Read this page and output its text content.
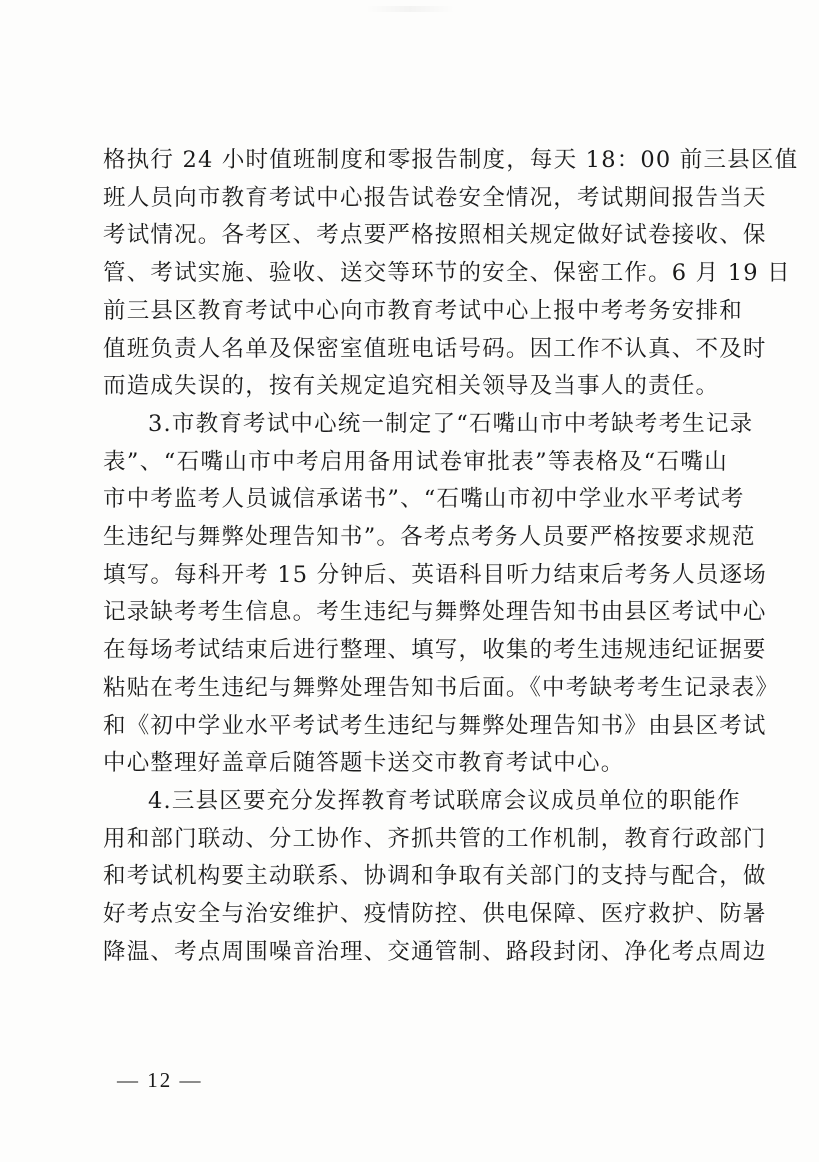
格执行 24 小时值班制度和零报告制度，每天 18：00 前三县区值
班人员向市教育考试中心报告试卷安全情况，考试期间报告当天
考试情况。各考区、考点要严格按照相关规定做好试卷接收、保
管、考试实施、验收、送交等环节的安全、保密工作。6 月 19 日
前三县区教育考试中心向市教育考试中心上报中考考务安排和
值班负责人名单及保密室值班电话号码。因工作不认真、不及时
而造成失误的，按有关规定追究相关领导及当事人的责任。

3.市教育考试中心统一制定了“石嘴山市中考缺考考生记录
表”、“石嘴山市中考启用备用试卷审批表”等表格及“石嘴山
市中考监考人员诚信承诺书”、“石嘴山市初中学业水平考试考
生违纪与舞弊处理告知书”。各考点考务人员要严格按要求规范
填写。每科开考 15 分钟后、英语科目听力结束后考务人员逐场
记录缺考考生信息。考生违纪与舞弊处理告知书由县区考试中心
在每场考试结束后进行整理、填写，收集的考生违规违纪证据要
粘贴在考生违纪与舞弊处理告知书后面。《中考缺考考生记录表》
和《初中学业水平考试考生违纪与舞弊处理告知书》由县区考试
中心整理好盖章后随答题卡送交市教育考试中心。

4.三县区要充分发挥教育考试联席会议成员单位的职能作
用和部门联动、分工协作、齐抓共管的工作机制，教育行政部门
和考试机构要主动联系、协调和争取有关部门的支持与配合，做
好考点安全与治安维护、疫情防控、供电保障、医疗救护、防暑
降温、考点周围噪音治理、交通管制、路段封闭、净化考点周边

— 12 —
